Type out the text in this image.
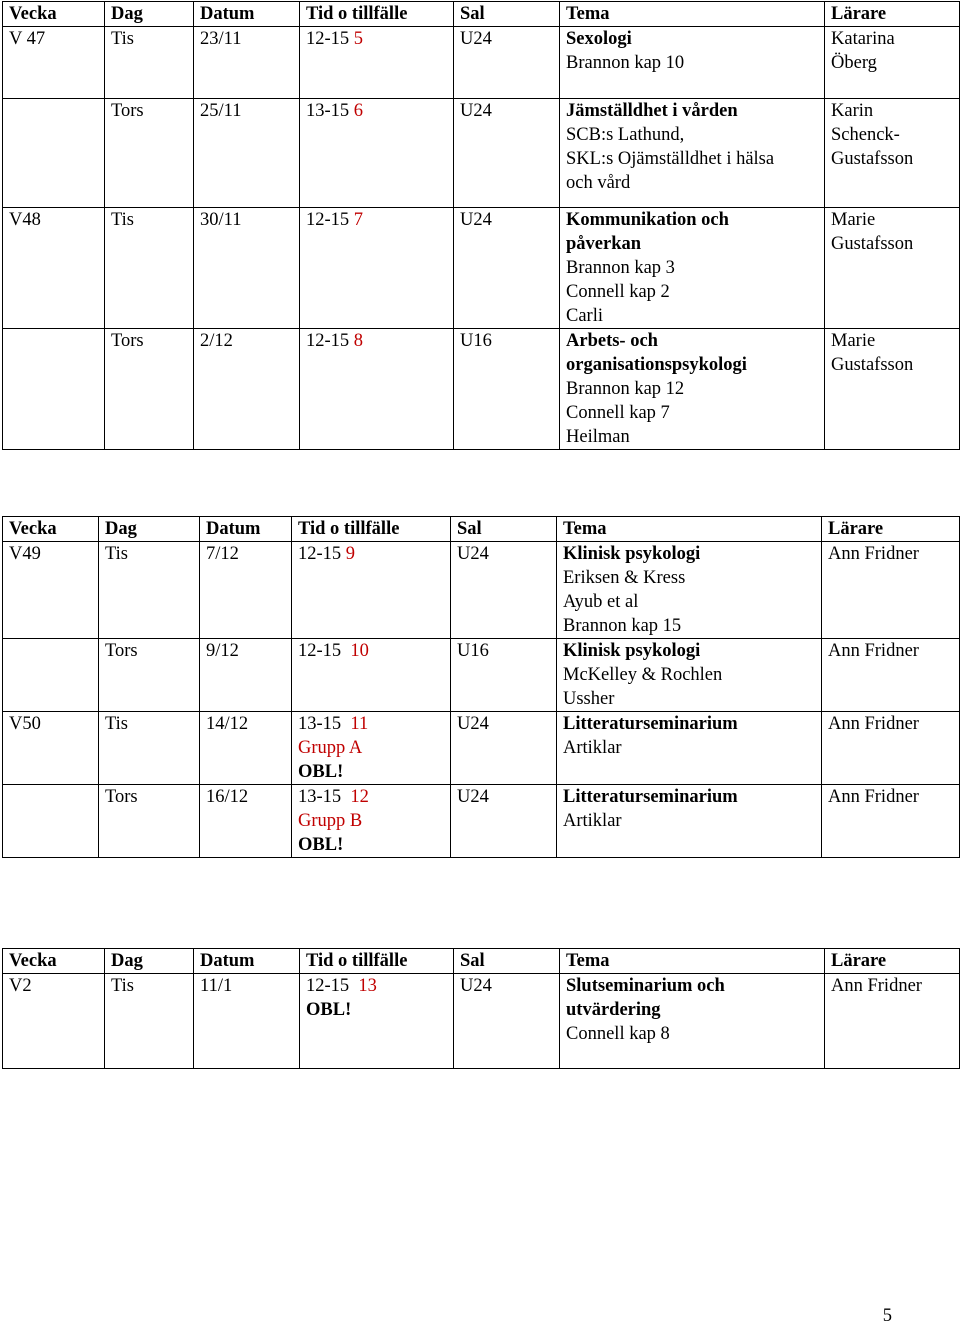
Vecka	Dag	Datum	Tid o tillfälle	Sal	Tema	Lärare
V 47	Tis	23/11	12-15 5	U24	Sexologi
Brannon kap 10	Katarina
Öberg

	Tors	25/11	13-15 6	U24	Jämställdhet i vården
SCB:s Lathund,
SKL:s Ojämställdhet i hälsa
och vård	Karin
Schenck-
Gustafsson

V48	Tis	30/11	12-15 7	U24	Kommunikation och påverkan
Brannon kap 3
Connell kap 2
Carli	Marie
Gustafsson

	Tors	2/12	12-15 8	U16	Arbets- och organisationspsykologi
Brannon kap 12
Connell kap 7
Heilman	Marie
Gustafsson
Vecka	Dag	Datum	Tid o tillfälle	Sal	Tema	Lärare
V49	Tis	7/12	12-15 9	U24	Klinisk psykologi
Eriksen & Kress
Ayub et al
Brannon kap 15	Ann Fridner
	Tors	9/12	12-15 10	U16	Klinisk psykologi
McKelley & Rochlen
Ussher	Ann Fridner
V50	Tis	14/12	13-15 11
Grupp A
OBL!	U24	Litteraturseminarium
Artiklar	Ann Fridner
	Tors	16/12	13-15 12
Grupp B
OBL!	U24	Litteraturseminarium
Artiklar	Ann Fridner
Vecka	Dag	Datum	Tid o tillfälle	Sal	Tema	Lärare
V2	Tis	11/1	12-15 13
OBL!	U24	Slutseminarium och utvärdering
Connell kap 8	Ann Fridner
5
